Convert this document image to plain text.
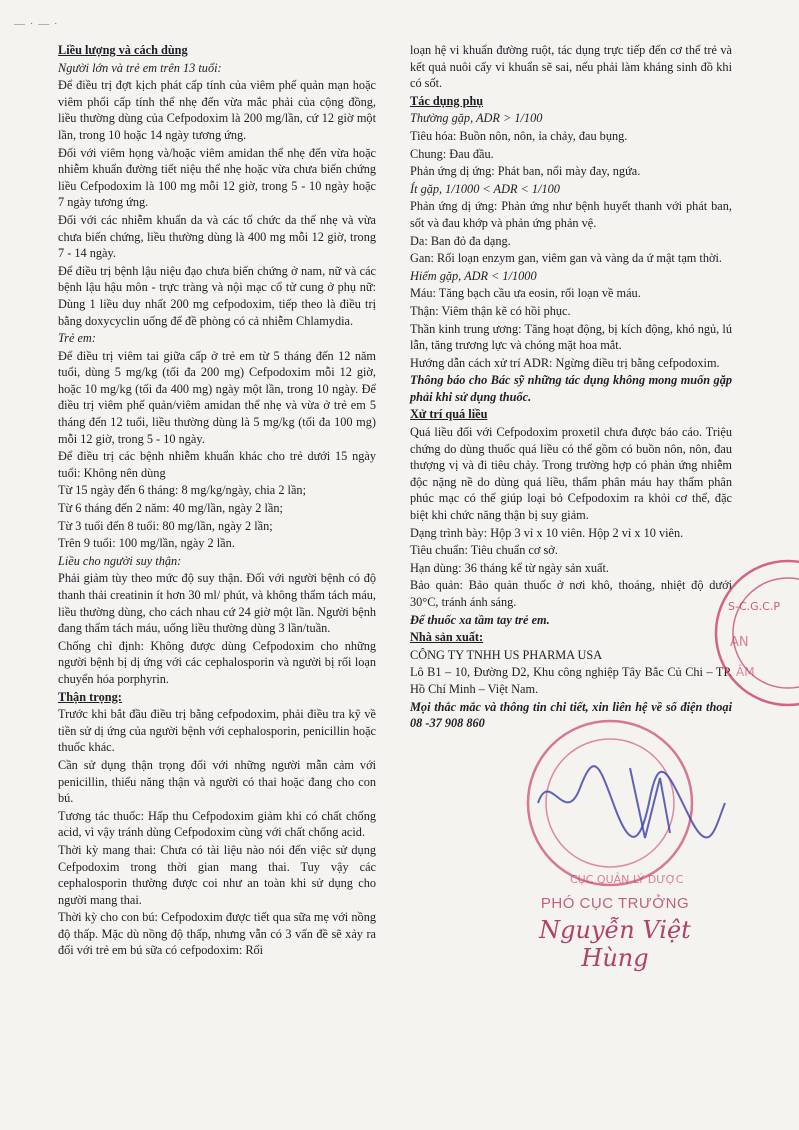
— · — ·

Liều lượng và cách dùng

Người lớn và trẻ em trên 13 tuổi:

Để điều trị đợt kịch phát cấp tính của viêm phế quản mạn hoặc viêm phổi cấp tính thể nhẹ đến vừa mắc phải của cộng đồng, liều thường dùng của Cefpodoxim là 200 mg/lần, cứ 12 giờ một lần, trong 10 hoặc 14 ngày tương ứng.

Đối với viêm họng và/hoặc viêm amidan thể nhẹ đến vừa hoặc nhiễm khuẩn đường tiết niệu thể nhẹ hoặc vừa chưa biến chứng liều Cefpodoxim là 100 mg mỗi 12 giờ, trong 5 - 10 ngày hoặc 7 ngày tương ứng.

Đối với các nhiễm khuẩn da và các tổ chức da thể nhẹ và vừa chưa biến chứng, liều thường dùng là 400 mg mỗi 12 giờ, trong 7 - 14 ngày.

Để điều trị bệnh lậu niệu đạo chưa biến chứng ở nam, nữ và các bệnh lậu hậu môn - trực tràng và nội mạc cổ tử cung ở phụ nữ: Dùng 1 liều duy nhất 200 mg cefpodoxim, tiếp theo là điều trị bằng doxycyclin uống để đề phòng có cả nhiễm Chlamydia.

Trẻ em:

Để điều trị viêm tai giữa cấp ở trẻ em từ 5 tháng đến 12 năm tuổi, dùng 5 mg/kg (tối đa 200 mg) Cefpodoxim mỗi 12 giờ, hoặc 10 mg/kg (tối đa 400 mg) ngày một lần, trong 10 ngày. Để điều trị viêm phế quản/viêm amidan thể nhẹ và vừa ở trẻ em 5 tháng đến 12 tuổi, liều thường dùng là 5 mg/kg (tối đa 100 mg) mỗi 12 giờ, trong 5 - 10 ngày.

Để điều trị các bệnh nhiễm khuẩn khác cho trẻ dưới 15 ngày tuổi: Không nên dùng

Từ 15 ngày đến 6 tháng: 8 mg/kg/ngày, chia 2 lần;

Từ 6 tháng đến 2 năm: 40 mg/lần, ngày 2 lần;

Từ 3 tuổi đến 8 tuổi: 80 mg/lần, ngày 2 lần;

Trên 9 tuổi: 100 mg/lần, ngày 2 lần.

Liều cho người suy thận:

Phải giảm tùy theo mức độ suy thận. Đối với người bệnh có độ thanh thải creatinin ít hơn 30 ml/ phút, và không thẩm tách máu, liều thường dùng, cho cách nhau cứ 24 giờ một lần. Người bệnh đang thẩm tách máu, uống liều thường dùng 3 lần/tuần.

Chống chỉ định: Không được dùng Cefpodoxim cho những người bệnh bị dị ứng với các cephalosporin và người bị rối loạn chuyển hóa porphyrin.

Thận trọng:

Trước khi bắt đầu điều trị bằng cefpodoxim, phải điều tra kỹ về tiền sử dị ứng của người bệnh với cephalosporin, penicillin hoặc thuốc khác.

Cần sử dụng thận trọng đối với những người mẫn cảm với penicillin, thiểu năng thận và người có thai hoặc đang cho con bú.

Tương tác thuốc: Hấp thu Cefpodoxim giảm khi có chất chống acid, vì vậy tránh dùng Cefpodoxim cùng với chất chống acid.

Thời kỳ mang thai: Chưa có tài liệu nào nói đến việc sử dụng Cefpodoxim trong thời gian mang thai. Tuy vậy các cephalosporin thường được coi như an toàn khi sử dụng cho người mang thai.

Thời kỳ cho con bú: Cefpodoxim được tiết qua sữa mẹ với nồng độ thấp. Mặc dù nồng độ thấp, nhưng vẫn có 3 vấn đề sẽ xảy ra đối với trẻ em bú sữa có cefpodoxim: Rối

loạn hệ vi khuẩn đường ruột, tác dụng trực tiếp đến cơ thể trẻ và kết quả nuôi cấy vi khuẩn sẽ sai, nếu phải làm kháng sinh đồ khi có sốt.

Tác dụng phụ

Thường gặp, ADR > 1/100

Tiêu hóa: Buồn nôn, nôn, ỉa chảy, đau bụng.

Chung: Đau đầu.

Phản ứng dị ứng: Phát ban, nổi mày đay, ngứa.

Ít gặp, 1/1000 < ADR < 1/100

Phản ứng dị ứng: Phản ứng như bệnh huyết thanh với phát ban, sốt và đau khớp và phản ứng phản vệ.

Da: Ban đỏ đa dạng.

Gan: Rối loạn enzym gan, viêm gan và vàng da ứ mật tạm thời.

Hiếm gặp, ADR < 1/1000

Máu: Tăng bạch cầu ưa eosin, rối loạn về máu.

Thận: Viêm thận kẽ có hồi phục.

Thần kinh trung ương: Tăng hoạt động, bị kích động, khó ngủ, lú lẫn, tăng trương lực và chóng mặt hoa mắt.

Hướng dẫn cách xử trí ADR: Ngừng điều trị bằng cefpodoxim.

Thông báo cho Bác sỹ những tác dụng không mong muốn gặp phải khi sử dụng thuốc.

Xử trí quá liều

Quá liều đối với Cefpodoxim proxetil chưa được báo cáo. Triệu chứng do dùng thuốc quá liều có thể gồm có buồn nôn, nôn, đau thượng vị và đi tiêu chảy. Trong trường hợp có phản ứng nhiễm độc nặng nề do dùng quá liều, thẩm phân máu hay thẩm phân phúc mạc có thể giúp loại bỏ Cefpodoxim ra khỏi cơ thể, đặc biệt khi chức năng thận bị suy giảm.

Dạng trình bày: Hộp 3 vỉ x 10 viên. Hộp 2 vỉ x 10 viên.

Tiêu chuẩn: Tiêu chuẩn cơ sở.

Hạn dùng: 36 tháng kể từ ngày sản xuất.

Bảo quản: Bảo quản thuốc ở nơi khô, thoáng, nhiệt độ dưới 30°C, tránh ánh sáng.

Để thuốc xa tầm tay trẻ em.

Nhà sản xuất:

CÔNG TY TNHH US PHARMA USA

Lô B1 – 10, Đường D2, Khu công nghiệp Tây Bắc Củ Chi – TP. Hồ Chí Minh – Việt Nam.

Mọi thắc mắc và thông tin chi tiết, xin liên hệ về số điện thoại 08 -37 908 860

S-C.G.C.P
AN
ÂM
CỤC QUẢN LÝ DƯỢC
PHÓ CỤC TRƯỞNG
Nguyễn Việt Hùng
